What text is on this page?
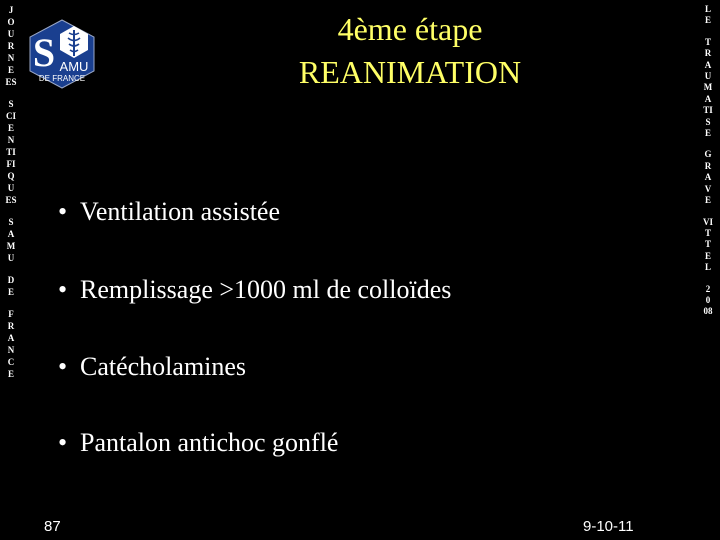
J
O
U
R
N
E
ES
S
CI
E
N
TI
FI
Q
U
ES
S
A
M
U
D
E
F
R
A
N
C
E
L
E
T
R
A
U
M
A
TI
S
E
G
R
A
V
E
VI
T
T
E
L
2
0
08
S AMU
DE FRANCE
4ème étape
REANIMATION
• Ventilation assistée
• Remplissage >1000 ml de colloïdes
• Catécholamines
• Pantalon antichoc gonflé
87	9-10-11
